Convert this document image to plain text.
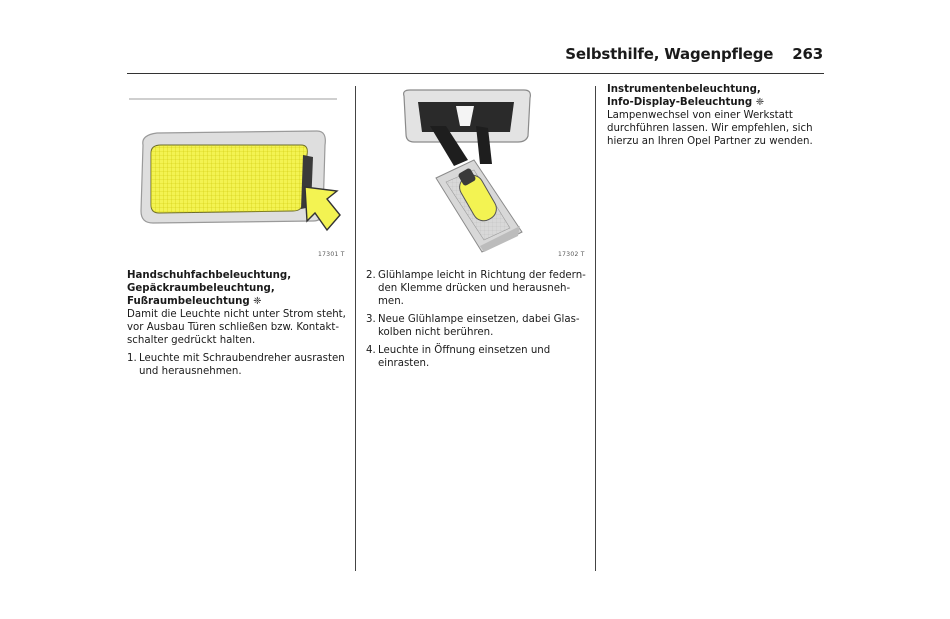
Selbsthilfe, Wagenpflege 263
17301 T	17302 T
Handschuhfachbeleuchtung,
Gepäckraumbeleuchtung,
Fußraumbeleuchtung ❈

Damit die Leuchte nicht unter Strom steht,
vor Ausbau Türen schließen bzw. Kontakt-
schalter gedrückt halten.

1. Leuchte mit Schraubendreher ausrasten
und herausnehmen.
2. Glühlampe leicht in Richtung der federn-
den Klemme drücken und herausneh-
men.
3. Neue Glühlampe einsetzen, dabei Glas-
kolben nicht berühren.
4. Leuchte in Öffnung einsetzen und
einrasten.
Instrumentenbeleuchtung,
Info-Display-Beleuchtung ❈

Lampenwechsel von einer Werkstatt
durchführen lassen. Wir empfehlen, sich
hierzu an Ihren Opel Partner zu wenden.
